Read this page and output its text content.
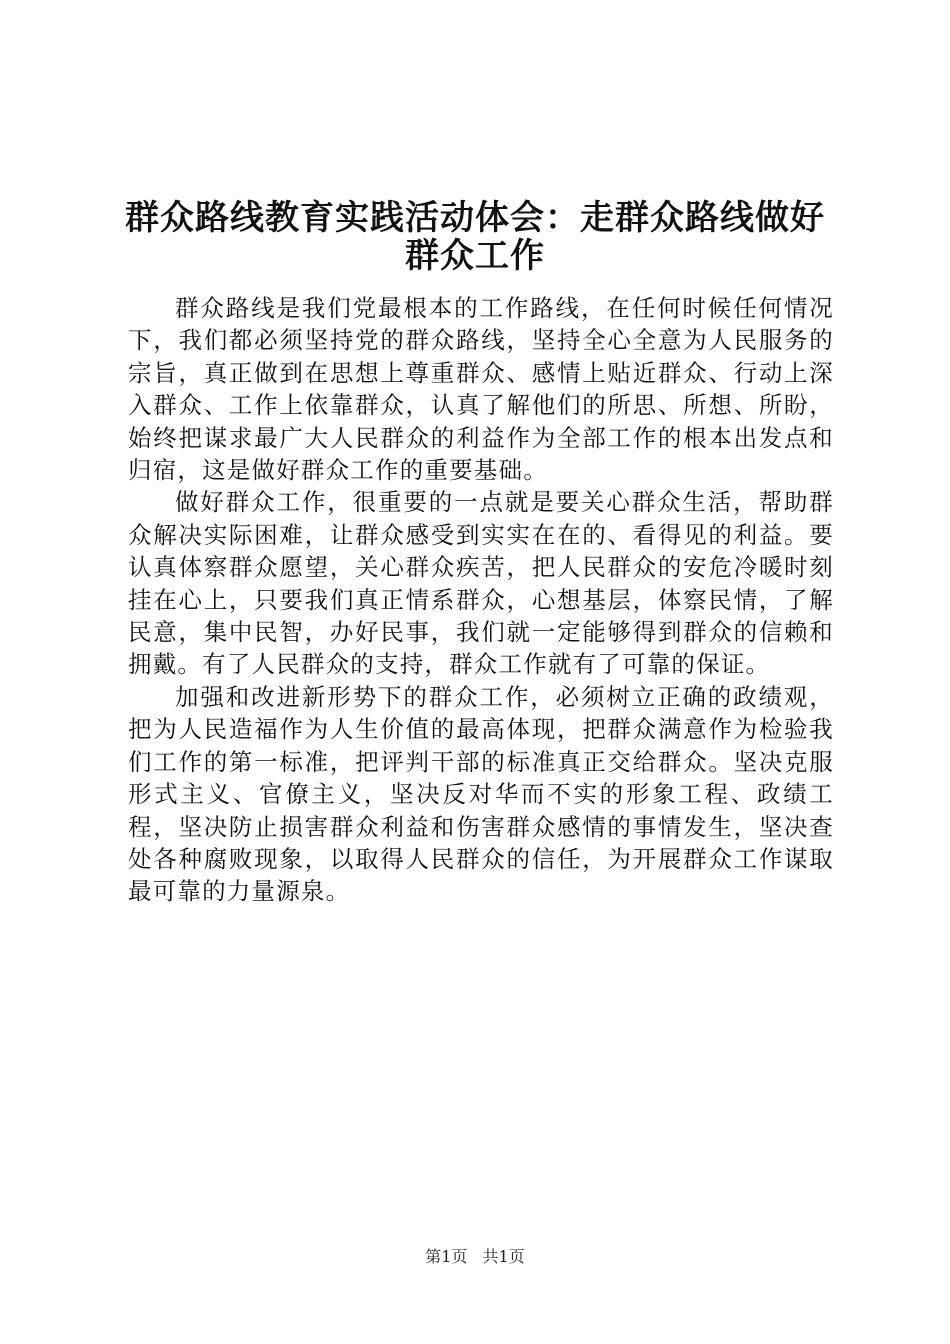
群众路线教育实践活动体会：走群众路线做好
群众工作

群众路线是我们党最根本的工作路线，在任何时候任何情况下，我们都必须坚持党的群众路线，坚持全心全意为人民服务的宗旨，真正做到在思想上尊重群众、感情上贴近群众、行动上深入群众、工作上依靠群众，认真了解他们的所思、所想、所盼，始终把谋求最广大人民群众的利益作为全部工作的根本出发点和归宿，这是做好群众工作的重要基础。

做好群众工作，很重要的一点就是要关心群众生活，帮助群众解决实际困难，让群众感受到实实在在的、看得见的利益。要认真体察群众愿望，关心群众疾苦，把人民群众的安危冷暖时刻挂在心上，只要我们真正情系群众，心想基层，体察民情，了解民意，集中民智，办好民事，我们就一定能够得到群众的信赖和拥戴。有了人民群众的支持，群众工作就有了可靠的保证。

加强和改进新形势下的群众工作，必须树立正确的政绩观，把为人民造福作为人生价值的最高体现，把群众满意作为检验我们工作的第一标准，把评判干部的标准真正交给群众。坚决克服形式主义、官僚主义，坚决反对华而不实的形象工程、政绩工程，坚决防止损害群众利益和伤害群众感情的事情发生，坚决查处各种腐败现象，以取得人民群众的信任，为开展群众工作谋取最可靠的力量源泉。

第1页 共1页
